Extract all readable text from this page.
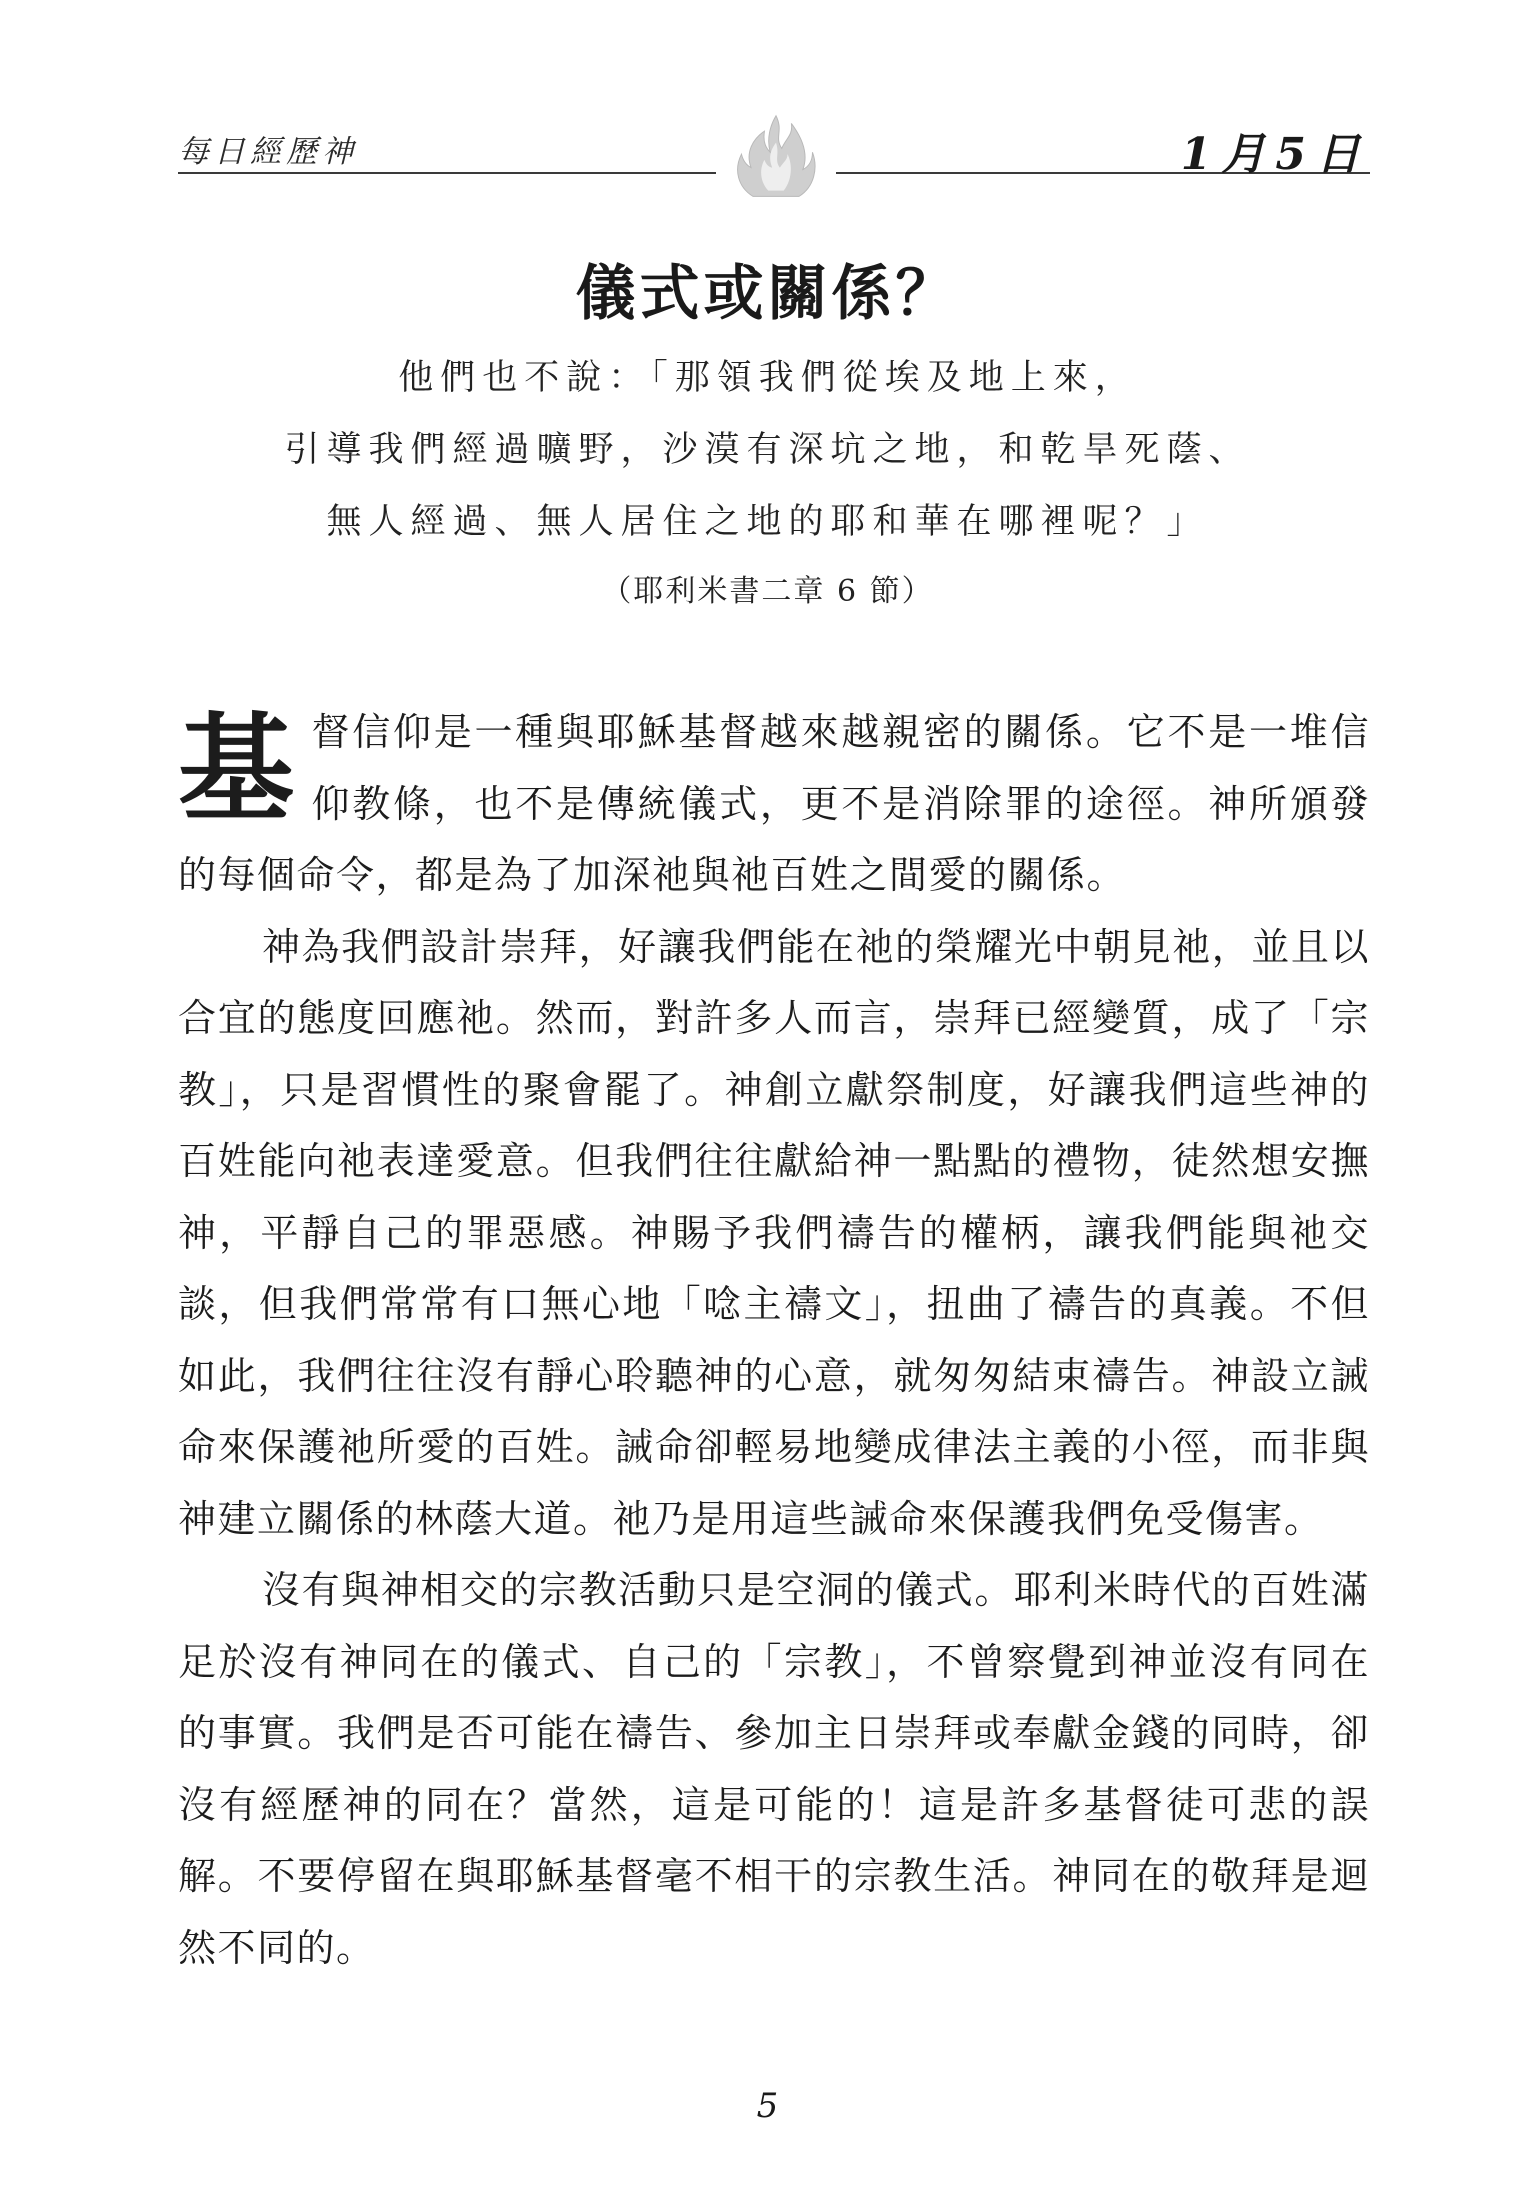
每日經歷神	1月5日
儀式或關係？
他們也不說：「那領我們從埃及地上來，
引導我們經過曠野，沙漠有深坑之地，和乾旱死蔭、
無人經過、無人居住之地的耶和華在哪裡呢？」
（耶利米書二章 6 節）

基督信仰是一種與耶穌基督越來越親密的關係。它不是一堆信仰教條，也不是傳統儀式，更不是消除罪的途徑。神所頒發的每個命令，都是為了加深祂與祂百姓之間愛的關係。

神為我們設計崇拜，好讓我們能在祂的榮耀光中朝見祂，並且以合宜的態度回應祂。然而，對許多人而言，崇拜已經變質，成了「宗教」，只是習慣性的聚會罷了。神創立獻祭制度，好讓我們這些神的百姓能向祂表達愛意。但我們往往獻給神一點點的禮物，徒然想安撫神，平靜自己的罪惡感。神賜予我們禱告的權柄，讓我們能與祂交談，但我們常常有口無心地「唸主禱文」，扭曲了禱告的真義。不但如此，我們往往沒有靜心聆聽神的心意，就匆匆結束禱告。神設立誡命來保護祂所愛的百姓。誡命卻輕易地變成律法主義的小徑，而非與神建立關係的林蔭大道。祂乃是用這些誡命來保護我們免受傷害。

沒有與神相交的宗教活動只是空洞的儀式。耶利米時代的百姓滿足於沒有神同在的儀式、自己的「宗教」，不曾察覺到神並沒有同在的事實。我們是否可能在禱告、參加主日崇拜或奉獻金錢的同時，卻沒有經歷神的同在？當然，這是可能的！這是許多基督徒可悲的誤解。不要停留在與耶穌基督毫不相干的宗教生活。神同在的敬拜是迴然不同的。

5
